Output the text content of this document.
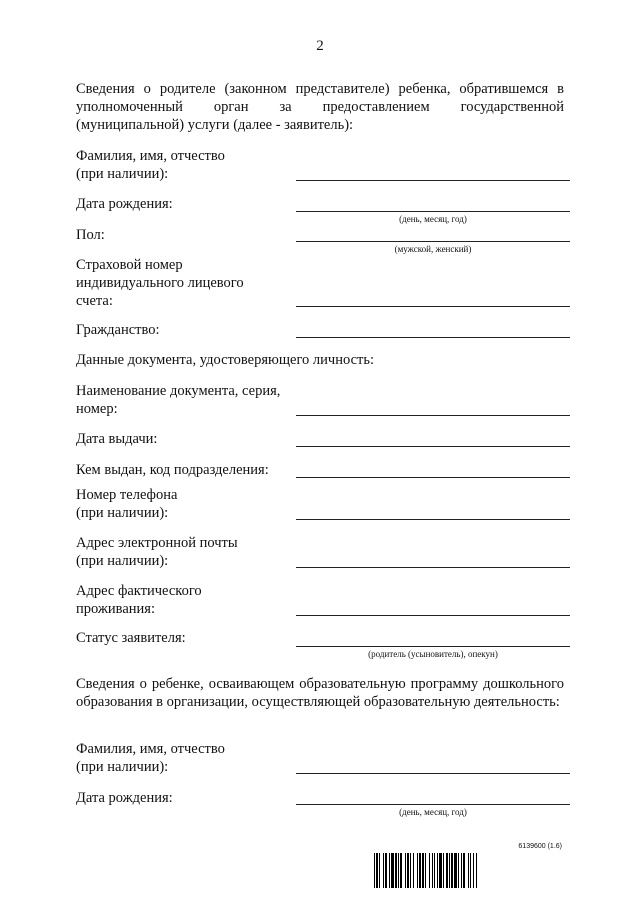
2

Сведения о родителе (законном представителе) ребенка, обратившемся в уполномоченный орган за предоставлением государственной (муниципальной) услуги (далее - заявитель):

Фамилия, имя, отчество
(при наличии):
Дата рождения:
(день, месяц, год)
Пол:
(мужской, женский)
Страховой номер
индивидуального лицевого
счета:
Гражданство:

Данные документа, удостоверяющего личность:

Наименование документа, серия,
номер:
Дата выдачи:
Кем выдан, код подразделения:
Номер телефона
(при наличии):
Адрес электронной почты
(при наличии):
Адрес фактического
проживания:
Статус заявителя:
(родитель (усыновитель), опекун)

Сведения о ребенке, осваивающем образовательную программу дошкольного образования в организации, осуществляющей образовательную деятельность:

Фамилия, имя, отчество
(при наличии):
Дата рождения:
(день, месяц, год)
6139600 (1.6)
